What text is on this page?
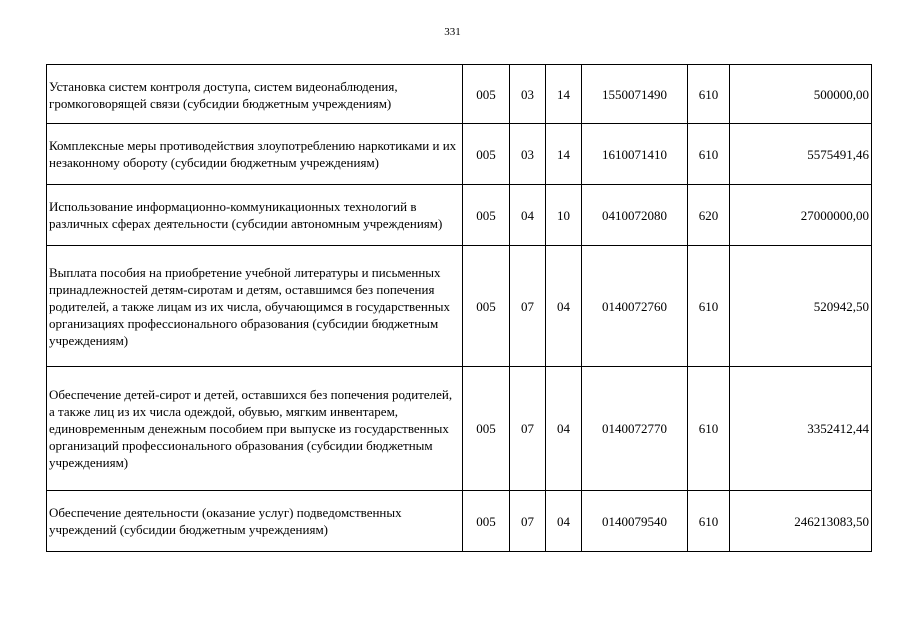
331
Установка систем контроля доступа, систем видеонаблюдения, громкоговорящей связи (субсидии бюджетным учреждениям)	005	03	14	1550071490	610	500000,00

Комплексные меры противодействия злоупотреблению наркотиками и их незаконному обороту (субсидии бюджетным учреждениям)	005	03	14	1610071410	610	5575491,46

Использование информационно-коммуникационных технологий в различных сферах деятельности (субсидии автономным учреждениям)	005	04	10	0410072080	620	27000000,00

Выплата пособия на приобретение учебной литературы и письменных принадлежностей детям-сиротам и детям, оставшимся без попечения родителей, а также лицам из их числа, обучающимся в государственных организациях профессионального образования (субсидии бюджетным учреждениям)	005	07	04	0140072760	610	520942,50

Обеспечение детей-сирот и детей, оставшихся без попечения родителей, а также лиц из их числа одеждой, обувью, мягким инвентарем, единовременным денежным пособием при выпуске из государственных организаций профессионального образования (субсидии бюджетным учреждениям)	005	07	04	0140072770	610	3352412,44

Обеспечение деятельности (оказание услуг) подведомственных учреждений (субсидии бюджетным учреждениям)	005	07	04	0140079540	610	246213083,50
